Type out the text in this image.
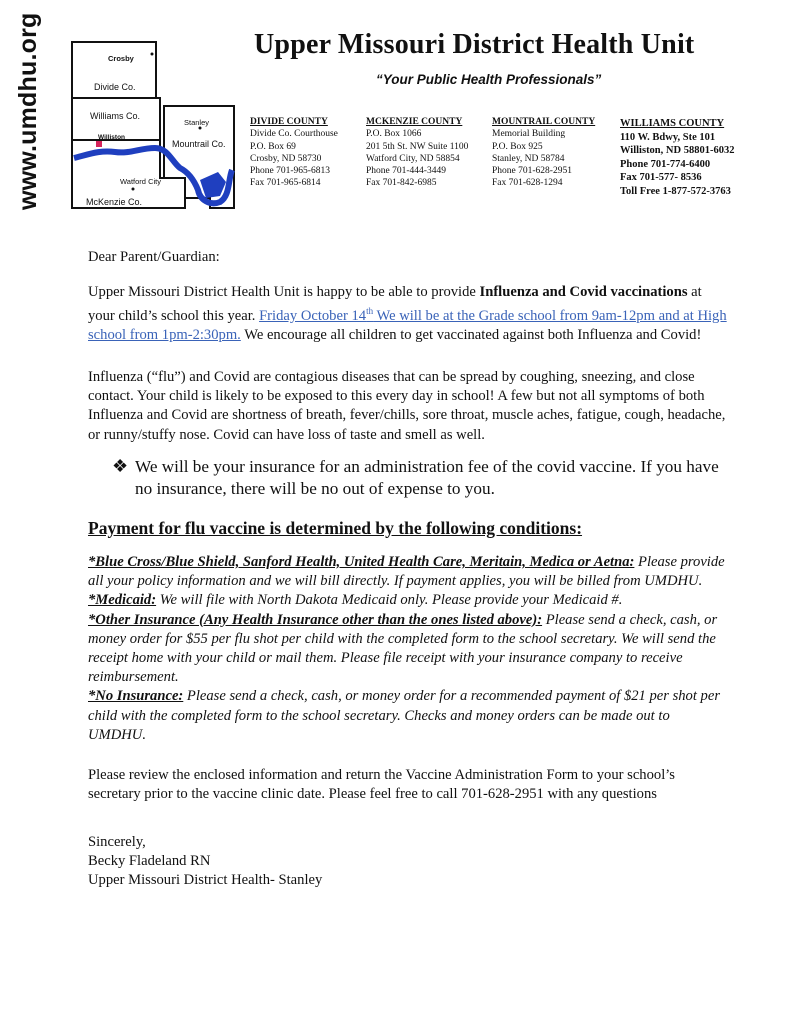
www.umdhu.org	Crosby
Divide Co.
Williams Co.
Williston
Stanley
Mountrail Co.
Watford City
McKenzie Co.
Upper Missouri District Health Unit
“Your Public Health Professionals”
DIVIDE COUNTY
Divide Co. Courthouse
P.O. Box 69
Crosby, ND 58730
Phone 701-965-6813
Fax 701-965-6814
MCKENZIE COUNTY
P.O. Box 1066
201 5th St. NW Suite 1100
Watford City, ND 58854
Phone 701-444-3449
Fax 701-842-6985
MOUNTRAIL COUNTY
Memorial Building
P.O. Box 925
Stanley, ND 58784
Phone 701-628-2951
Fax 701-628-1294
WILLIAMS COUNTY
110 W. Bdwy, Ste 101
Williston, ND 58801-6032
Phone 701-774-6400
Fax 701-577- 8536
Toll Free 1-877-572-3763
Dear Parent/Guardian:
Upper Missouri District Health Unit is happy to be able to provide Influenza and Covid vaccinations at your child’s school this year. Friday October 14th We will be at the Grade school from 9am-12pm and at High school from 1pm-2:30pm. We encourage all children to get vaccinated against both Influenza and Covid!
Influenza (“flu”) and Covid are contagious diseases that can be spread by coughing, sneezing, and close contact. Your child is likely to be exposed to this every day in school! A few but not all symptoms of both Influenza and Covid are shortness of breath, fever/chills, sore throat, muscle aches, fatigue, cough, headache, or runny/stuffy nose. Covid can have loss of taste and smell as well.
❖ We will be your insurance for an administration fee of the covid vaccine. If you have no insurance, there will be no out of expense to you.
Payment for flu vaccine is determined by the following conditions:
*Blue Cross/Blue Shield, Sanford Health, United Health Care, Meritain, Medica or Aetna: Please provide all your policy information and we will bill directly. If payment applies, you will be billed from UMDHU.
*Medicaid: We will file with North Dakota Medicaid only. Please provide your Medicaid #.
*Other Insurance (Any Health Insurance other than the ones listed above): Please send a check, cash, or money order for $55 per flu shot per child with the completed form to the school secretary. We will send the receipt home with your child or mail them. Please file receipt with your insurance company to receive reimbursement.
*No Insurance: Please send a check, cash, or money order for a recommended payment of $21 per shot per child with the completed form to the school secretary. Checks and money orders can be made out to UMDHU.
Please review the enclosed information and return the Vaccine Administration Form to your school’s secretary prior to the vaccine clinic date. Please feel free to call 701-628-2951 with any questions
Sincerely,
Becky Fladeland RN
Upper Missouri District Health- Stanley
